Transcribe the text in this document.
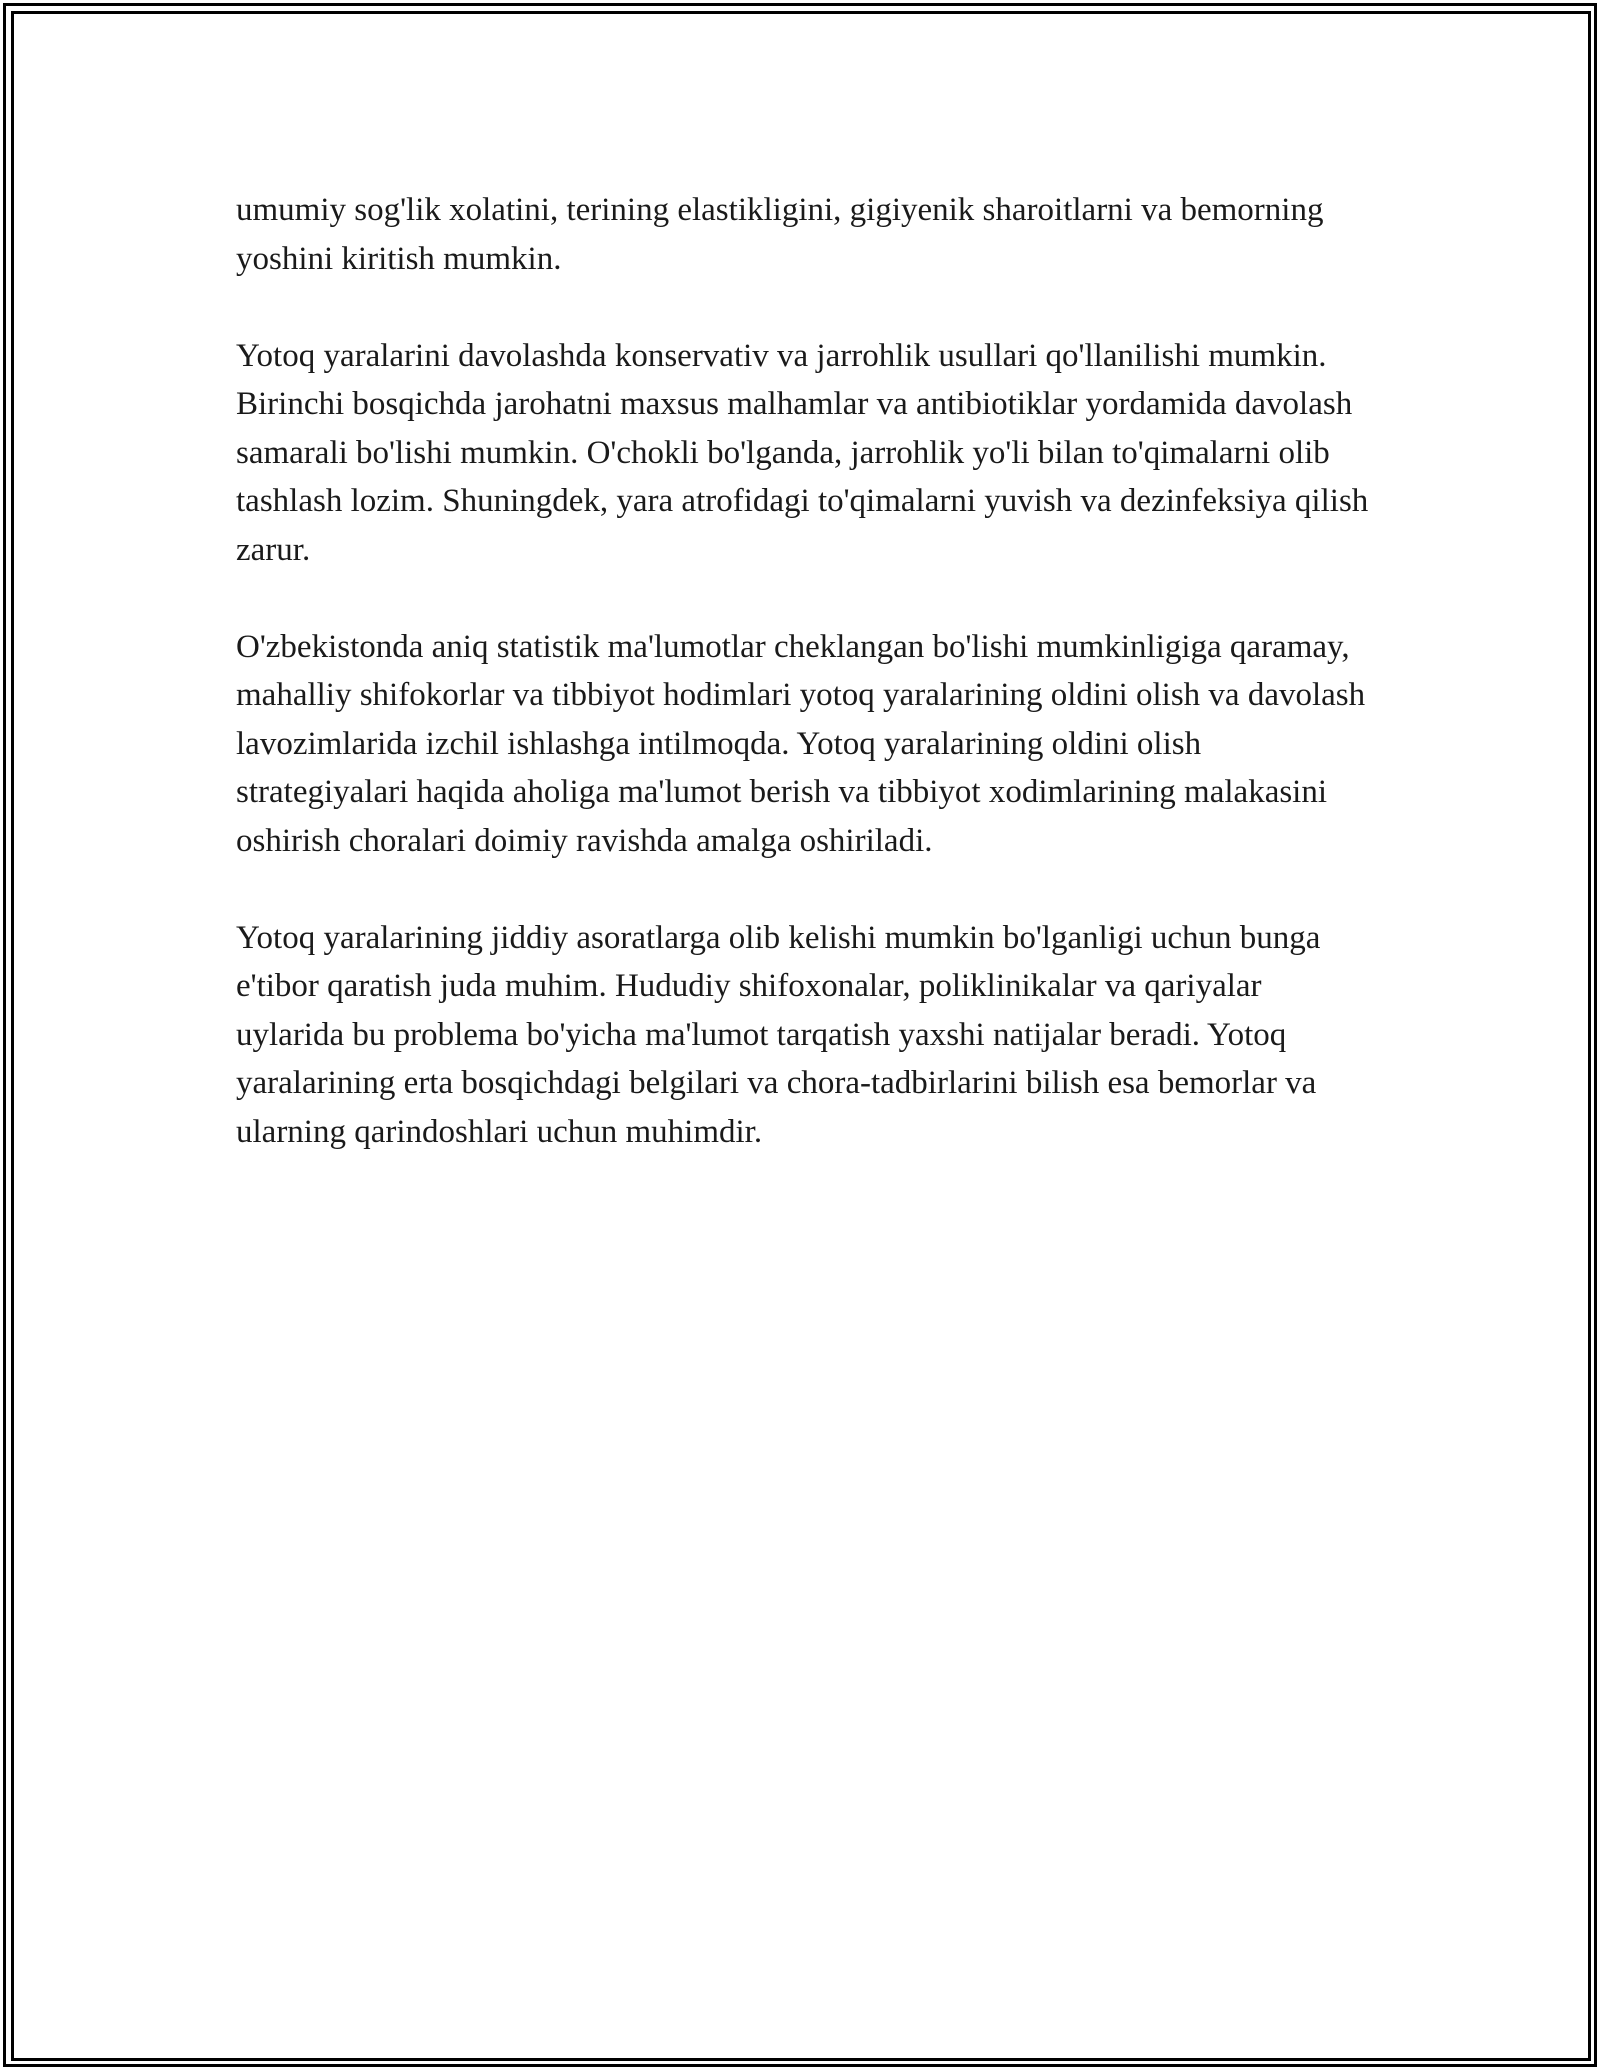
umumiy sog'lik xolatini, terining elastikligini, gigiyenik sharoitlarni va bemorning yoshini kiritish mumkin.

Yotoq yaralarini davolashda konservativ va jarrohlik usullari qo'llanilishi mumkin. Birinchi bosqichda jarohatni maxsus malhamlar va antibiotiklar yordamida davolash samarali bo'lishi mumkin. O'chokli bo'lganda, jarrohlik yo'li bilan to'qimalarni olib tashlash lozim. Shuningdek, yara atrofidagi to'qimalarni yuvish va dezinfeksiya qilish zarur.

O'zbekistonda aniq statistik ma'lumotlar cheklangan bo'lishi mumkinligiga qaramay, mahalliy shifokorlar va tibbiyot hodimlari yotoq yaralarining oldini olish va davolash lavozimlarida izchil ishlashga intilmoqda. Yotoq yaralarining oldini olish strategiyalari haqida aholiga ma'lumot berish va tibbiyot xodimlarining malakasini oshirish choralari doimiy ravishda amalga oshiriladi.

Yotoq yaralarining jiddiy asoratlarga olib kelishi mumkin bo'lganligi uchun bunga e'tibor qaratish juda muhim. Hududiy shifoxonalar, poliklinikalar va qariyalar uylarida bu problema bo'yicha ma'lumot tarqatish yaxshi natijalar beradi. Yotoq yaralarining erta bosqichdagi belgilari va chora-tadbirlarini bilish esa bemorlar va ularning qarindoshlari uchun muhimdir.
